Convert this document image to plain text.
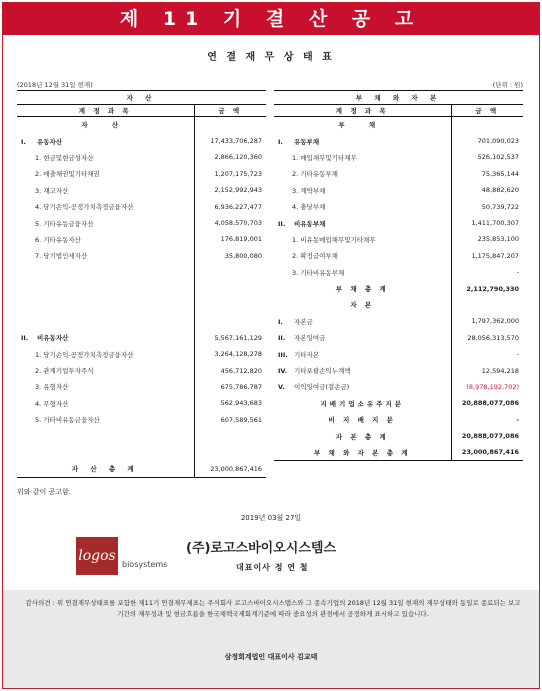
제 11 기 결 산 공 고
연 결 재 무 상 태 표
(2018년 12월 31일 현재)	(단위 : 원)
자 산	
계 정 과 목	금 액
자 산	
I. 유동자산	17,433,706,287
1. 현금및현금성자산	2,866,120,360
2. 매출채권및기타채권	1,207,175,723
3. 재고자산	2,152,992,943
4. 당기손익-공정가치측정금융자산	6,936,227,477
5. 기타유동금융자산	4,058,570,703
6. 기타유동자산	176,819,001
7. 당기법인세자산	35,800,080

II. 비유동자산	5,567,161,129
1. 당기손익-공정가치측정금융자산	3,264,128,278
2. 관계기업투자주식	456,712,820
3. 유형자산	675,786,787
4. 무형자산	562,943,683
5. 기타비유동금융자산	607,589,561

자 산 총 계	23,000,867,416
부 채 와 자 본	
계 정 과 목	금 액
부 채	
I. 유동부채	701,090,023
1. 매입채무및기타채무	526,102,537
2. 기타유동부채	75,365,144
3. 계약부채	48,882,620
4. 충당부채	50,739,722
II. 비유동부채	1,411,700,307
1. 비유동매입채무및기타채무	235,853,100
2. 확정급여부채	1,175,847,207
3. 기타비유동부채	-
부 채 총 계	2,112,790,330
자 본	
I. 자본금	1,797,362,000
II. 자본잉여금	28,056,313,570
III. 기타자본	-
IV. 기타포괄손익누계액	12,594,218
V. 이익잉여금(결손금)	(8,978,192,702)
지배기업소유주지분	20,888,077,086
비 지 배 지 분	-
자 본 총 계	20,888,077,086
부 채 와 자 본 총 계	23,000,867,416
위와 같이 공고함.
2019년 03월 27일
logos
biosystems
(주)로고스바이오시스템스
대표이사 정 연 철
감사의견 : 위 연결재무상태표를 포함한 제11기 연결재무제표는 주식회사 로고스바이오시스템스와 그 종속기업의 2018년 12월 31일 현재의 재무상태와 동일로 종료되는 보고기간의 재무성과 및 현금흐름을 한국채택국제회계기준에 따라 중요성의 관점에서 공정하게 표시하고 있습니다.
삼정회계법인 대표이사 김교태
